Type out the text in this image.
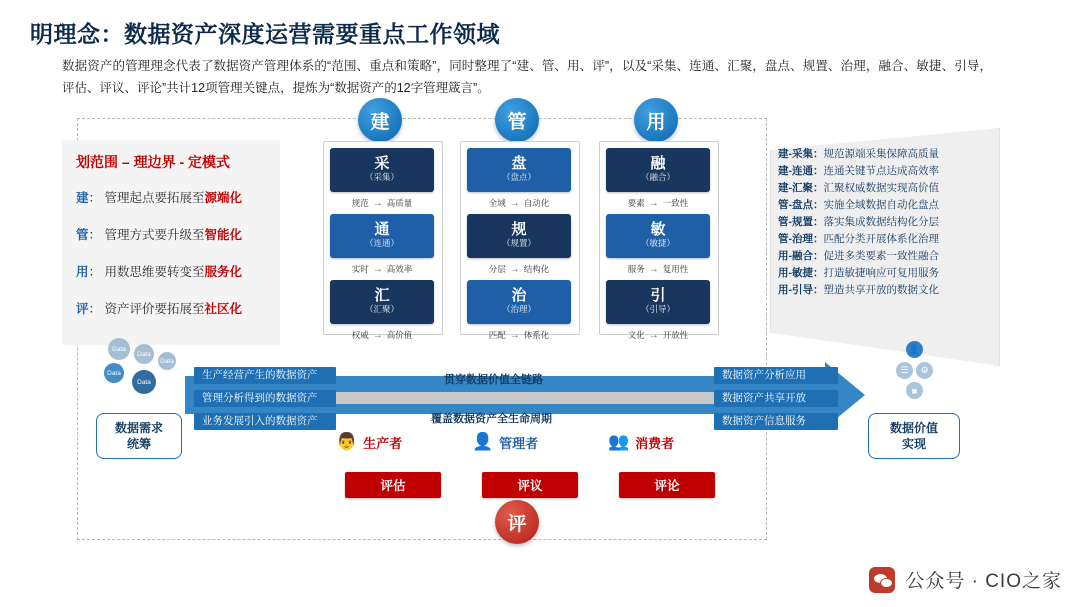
明理念：数据资产深度运营需要重点工作领域
数据资产的管理理念代表了数据资产管理体系的“范围、重点和策略”，同时整理了“建、管、用、评”，以及“采集、连通、汇聚，盘点、规置、治理，融合、敏捷、引导，评估、评议、评论”共计12项管理关键点，提炼为“数据资产的12字管理箴言”。
划范围 – 理边界 - 定模式
建： 管理起点要拓展至源端化
管： 管理方式要升级至智能化
用： 用数思维要转变至服务化
评： 资产评价要拓展至社区化
①
建
采
（采集）
规范 → 高质量
通
（连通）
实时 → 高效率
汇
（汇聚）
权威 → 高价值
②
管
盘
（盘点）
全域 → 自动化
规
（规置）
分层 → 结构化
治
（治理）
匹配 → 体系化
③
用
融
（融合）
要素 → 一致性
敏
（敏捷）
服务 → 复用性
引
（引导）
文化 → 开放性
建-采集：规范源端采集保障高质量
建-连通：连通关键节点达成高效率
建-汇聚：汇聚权威数据实现高价值
管-盘点：实施全域数据自动化盘点
管-规置：落实集成数据结构化分层
管-治理：匹配分类开展体系化治理
用-融合：促进多类要素一致性融合
用-敏捷：打造敏捷响应可复用服务
用-引导：塑造共享开放的数据文化
生产经营产生的数据资产
管理分析得到的数据资产
业务发展引入的数据资产
贯穿数据价值全链路
覆盖数据资产全生命周期
数据资产分析应用
数据资产共享开放
数据资产信息服务
数据需求
统筹
数据价值
实现
Data
Data
Data
Data
Data
👤
☰	⚙
■
👨 生产者	👤 管理者	👥 消费者
评估	评议	评论
④
评
公众号 · CIO之家
